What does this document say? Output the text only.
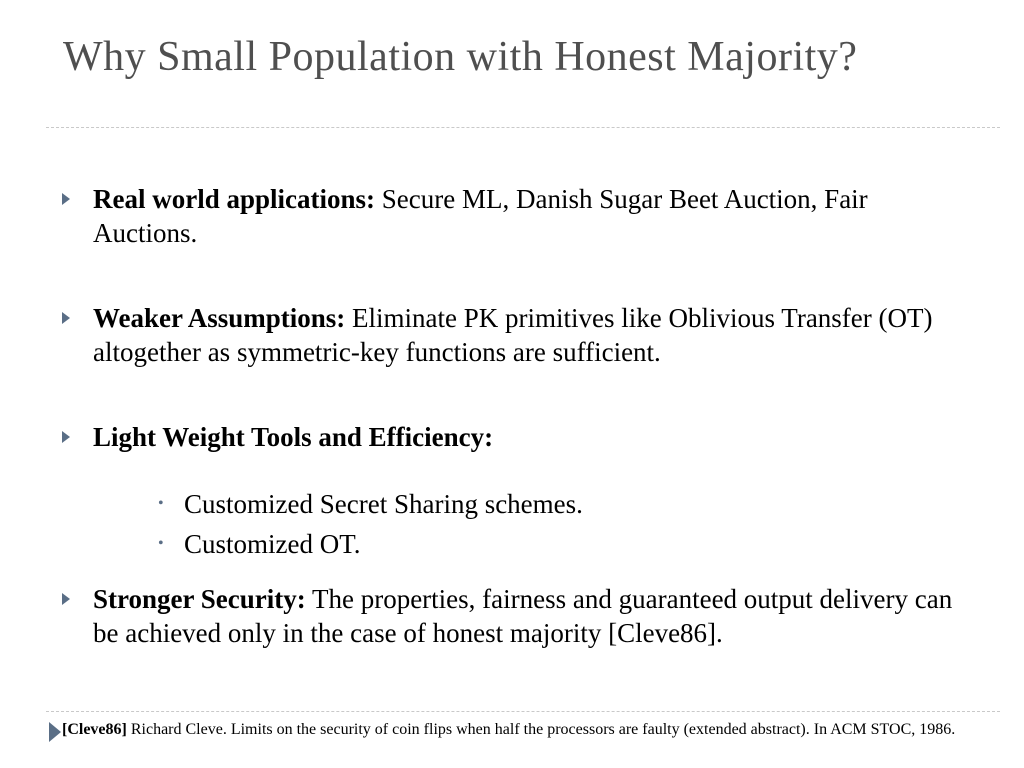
Why Small Population with Honest Majority?

Real world applications: Secure ML, Danish Sugar Beet Auction, Fair Auctions.

Weaker Assumptions: Eliminate PK primitives like Oblivious Transfer (OT) altogether as symmetric-key functions are sufficient.

Light Weight Tools and Efficiency:

• Customized Secret Sharing schemes.

• Customized OT.

Stronger Security: The properties, fairness and guaranteed output delivery can be achieved only in the case of honest majority [Cleve86].

[Cleve86] Richard Cleve. Limits on the security of coin flips when half the processors are faulty (extended abstract). In ACM STOC, 1986.
